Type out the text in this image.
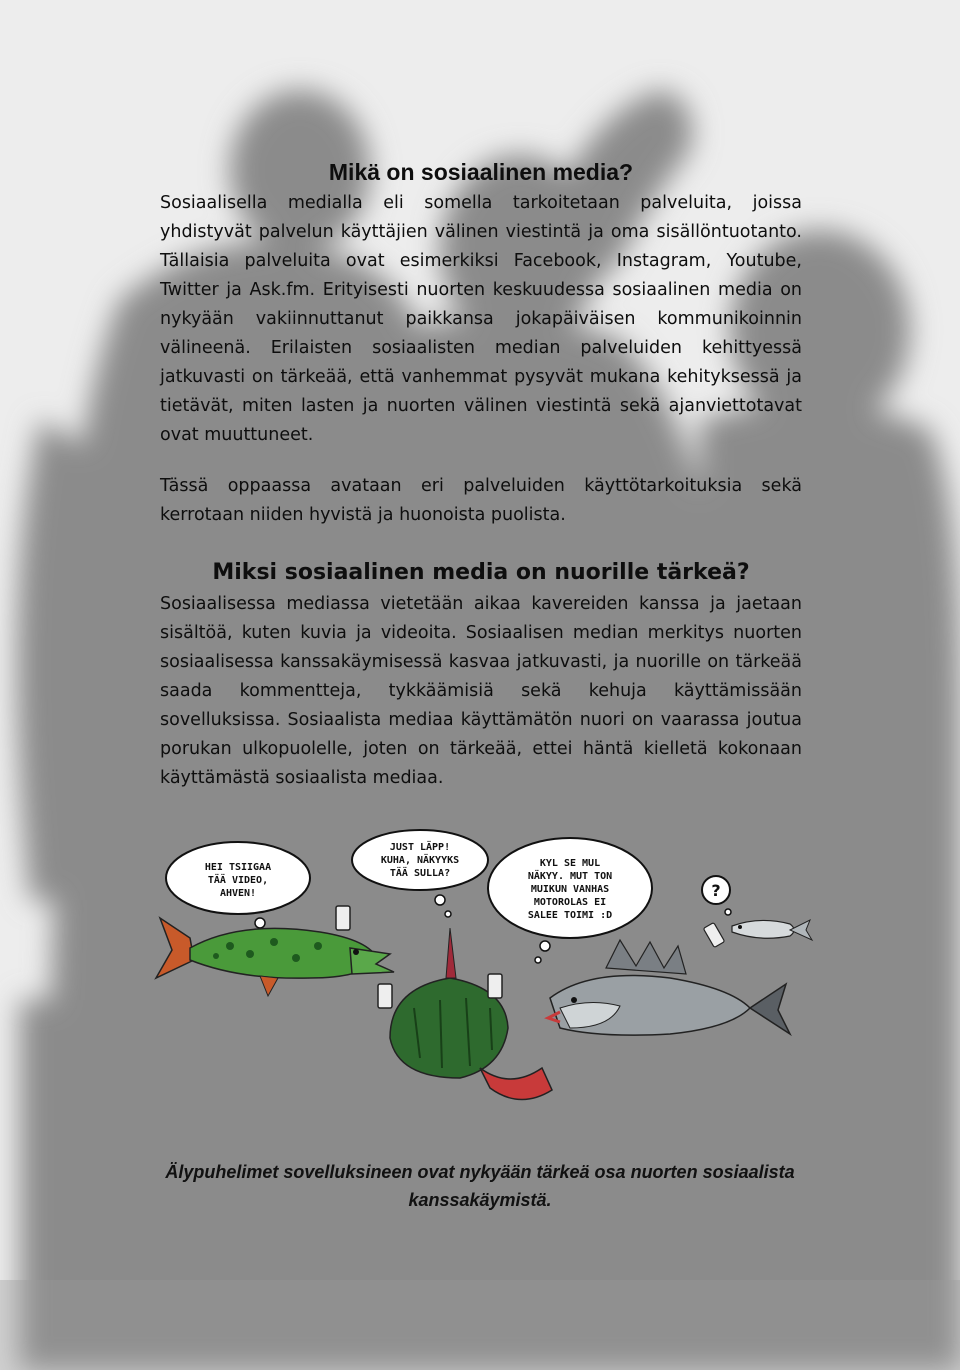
Mikä on sosiaalinen media?

Sosiaalisella medialla eli somella tarkoitetaan palveluita, joissa yhdistyvät palvelun käyttäjien välinen viestintä ja oma sisällöntuotanto. Tällaisia palveluita ovat esimerkiksi Facebook, Instagram, Youtube, Twitter ja Ask.fm. Erityisesti nuorten keskuudessa sosiaalinen media on nykyään vakiinnuttanut paikkansa jokapäiväisen kommunikoinnin välineenä. Erilaisten sosiaalisten median palveluiden kehittyessä jatkuvasti on tärkeää, että vanhemmat pysyvät mukana kehityksessä ja tietävät, miten lasten ja nuorten välinen viestintä sekä ajanviettotavat ovat muuttuneet.

Tässä oppaassa avataan eri palveluiden käyttötarkoituksia sekä kerrotaan niiden hyvistä ja huonoista puolista.

Miksi sosiaalinen media on nuorille tärkeä?

Sosiaalisessa mediassa vietetään aikaa kavereiden kanssa ja jaetaan sisältöä, kuten kuvia ja videoita. Sosiaalisen median merkitys nuorten sosiaalisessa kanssakäymisessä kasvaa jatkuvasti, ja nuorille on tärkeää saada kommentteja, tykkäämisiä sekä kehuja käyttämissään sovelluksissa. Sosiaalista mediaa käyttämätön nuori on vaarassa joutua porukan ulkopuolelle, joten on tärkeää, ettei häntä kielletä kokonaan käyttämästä sosiaalista mediaa.

HEI TSIIGAA
TÄÄ VIDEO,
AHVEN!
JUST LÄPP!
KUHA, NÄKYYKS
TÄÄ SULLA?
KYL SE MUL
NÄKYY. MUT TON
MUIKUN VANHAS
MOTOROLAS EI
SALEE TOIMI :D
?
Älypuhelimet sovelluksineen ovat nykyään tärkeä osa nuorten sosiaalista kanssakäymistä.
